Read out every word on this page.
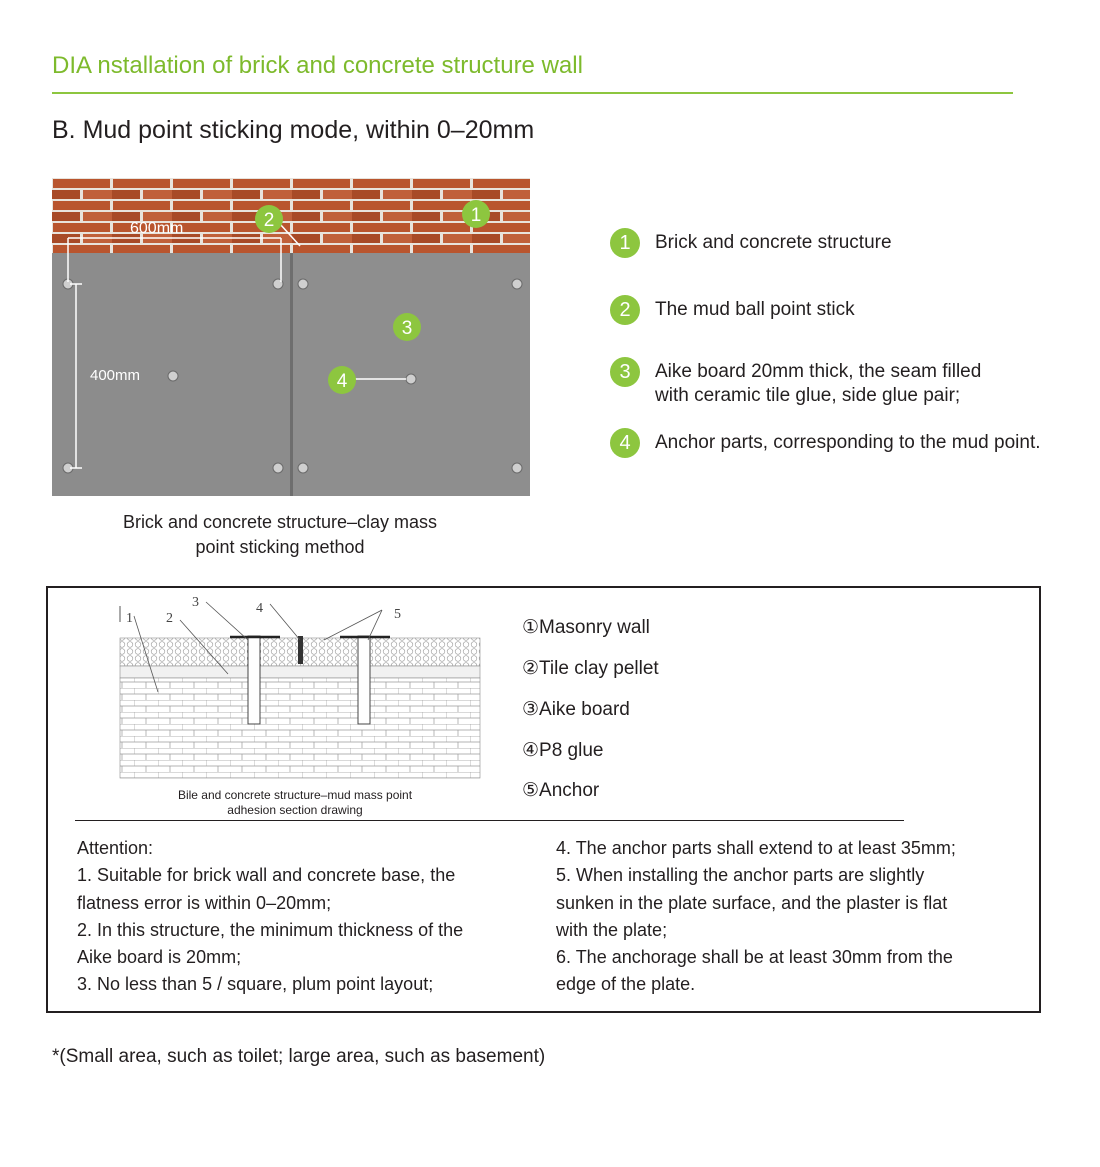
DIA nstallation of brick and concrete structure wall
B. Mud point sticking mode, within 0–20mm
600mm
400mm
2	1
3
4
Brick and concrete structure–clay mass
point sticking method
1	Brick and concrete structure
2	The mud ball point stick
3	Aike board 20mm thick, the seam filled
with ceramic tile glue, side glue pair;
4	Anchor parts, corresponding to the mud point.
1 2
3	4	5
Bile and concrete structure–mud mass point
adhesion section drawing
①Masonry wall
②Tile clay pellet
③Aike board
④P8 glue
⑤Anchor
Attention:
1. Suitable for brick wall and concrete base, the
flatness error is within 0–20mm;
2. In this structure, the minimum thickness of the
Aike board is 20mm;
3. No less than 5 / square, plum point layout;
4. The anchor parts shall extend to at least 35mm;
5. When installing the anchor parts are slightly
sunken in the plate surface, and the plaster is flat
with the plate;
6. The anchorage shall be at least 30mm from the
edge of the plate.
*(Small area, such as toilet; large area, such as basement)
